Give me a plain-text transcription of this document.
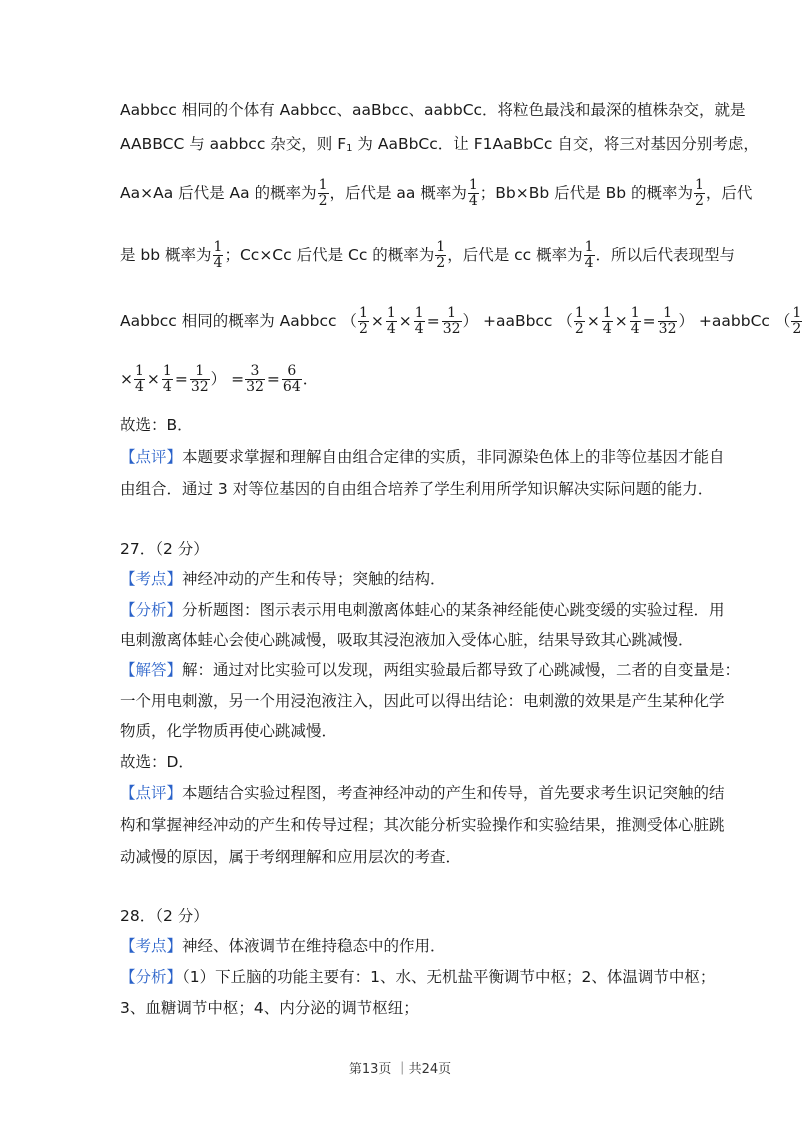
Aabbcc 相同的个体有 Aabbcc、aaBbcc、aabbCc．将粒色最浅和最深的植株杂交，就是
AABBCC 与 aabbcc 杂交，则 $F_1$ 为 AaBbCc．让 F1AaBbCc 自交，将三对基因分别考虑，
Aa×Aa 后代是 Aa 的概率为 $\frac{1}{2}$ ，后代是 aa 概率为 $\frac{1}{4}$ ；Bb×Bb 后代是 Bb 的概率为 $\frac{1}{2}$ ，后代
是 bb 概率为 $\frac{1}{4}$ ；Cc×Cc 后代是 Cc 的概率为 $\frac{1}{2}$ ，后代是 cc 概率为 $\frac{1}{4}$ ．所以后代表现型与
Aabbcc 相同的概率为 Aabbcc （ $\frac{1}{2} \times \frac{1}{4} \times \frac{1}{4} = \frac{1}{32}$ ） +aaBbcc （ $\frac{1}{2} \times \frac{1}{4} \times \frac{1}{4} = \frac{1}{32}$ ） +aabbCc （ $\frac{1}{2}$
× $\frac{1}{4} \times \frac{1}{4} = \frac{1}{32}$ ） = $\frac{3}{32} = \frac{6}{64}$ ．
故选：B．
【点评】本题要求掌握和理解自由组合定律的实质，非同源染色体上的非等位基因才能自
由组合．通过 3 对等位基因的自由组合培养了学生利用所学知识解决实际问题的能力．
27．（2 分）
【考点】神经冲动的产生和传导；突触的结构．
【分析】分析题图：图示表示用电刺激离体蛙心的某条神经能使心跳变缓的实验过程．用
电刺激离体蛙心会使心跳减慢，吸取其浸泡液加入受体心脏，结果导致其心跳减慢．
【解答】解：通过对比实验可以发现，两组实验最后都导致了心跳减慢，二者的自变量是：
一个用电刺激，另一个用浸泡液注入，因此可以得出结论：电刺激的效果是产生某种化学
物质，化学物质再使心跳减慢．
故选：D．
【点评】本题结合实验过程图，考查神经冲动的产生和传导，首先要求考生识记突触的结
构和掌握神经冲动的产生和传导过程；其次能分析实验操作和实验结果，推测受体心脏跳
动减慢的原因，属于考纲理解和应用层次的考查．
28．（2 分）
【考点】神经、体液调节在维持稳态中的作用．
【分析】（1）下丘脑的功能主要有：1、水、无机盐平衡调节中枢；2、体温调节中枢；
3、血糖调节中枢；4、内分泌的调节枢纽；
第13页 ｜共24页
